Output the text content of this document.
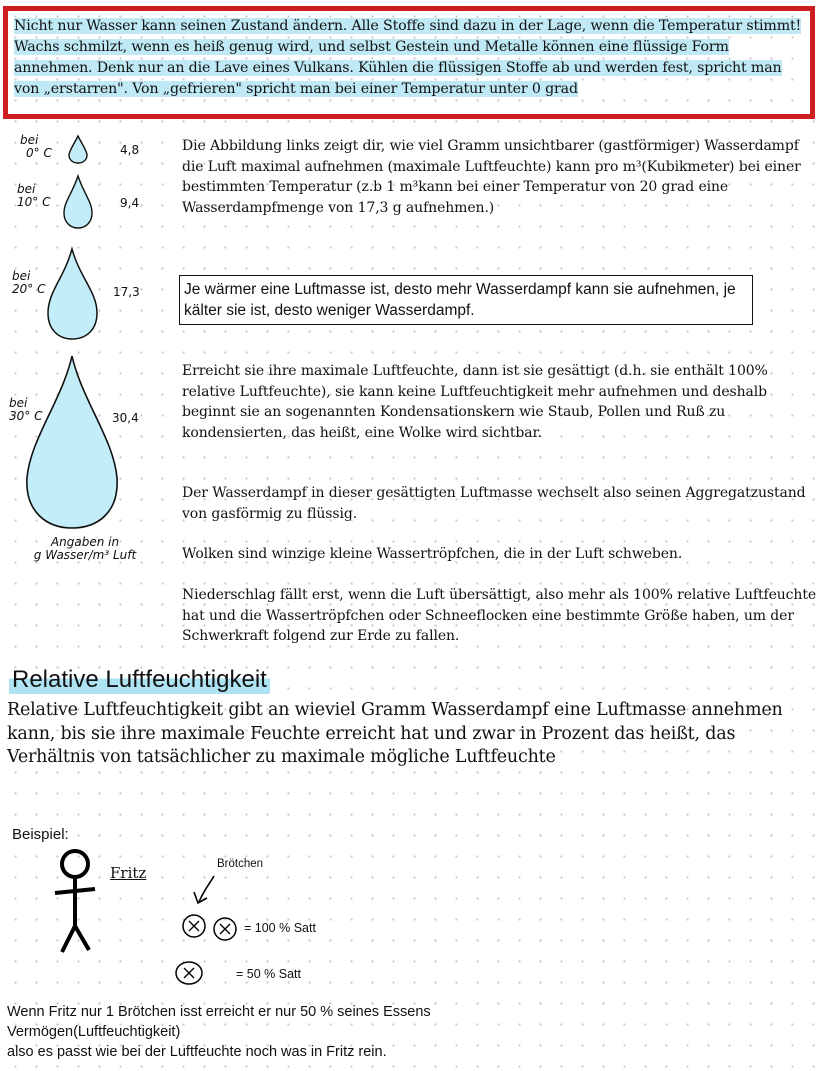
Nicht nur Wasser kann seinen Zustand ändern. Alle Stoffe sind dazu in der Lage, wenn die Temperatur stimmt! Wachs schmilzt, wenn es heiß genug wird, und selbst Gestein und Metalle können eine flüssige Form annehmen. Denk nur an die Lave eines Vulkans. Kühlen die flüssigen Stoffe ab und werden fest, spricht man von „erstarren". Von „gefrieren" spricht man bei einer Temperatur unter 0 grad

bei
0° C	4,8
bei
10° C	9,4
bei
20° C	17,3
bei
30° C	30,4
Angaben in
g Wasser/m³ Luft

Die Abbildung links zeigt dir, wie viel Gramm unsichtbarer (gastförmiger) Wasserdampf die Luft maximal aufnehmen (maximale Luftfeuchte) kann pro m³(Kubikmeter) bei einer bestimmten Temperatur (z.b 1 m³kann bei einer Temperatur von 20 grad eine Wasserdampfmenge von 17,3 g aufnehmen.)

Je wärmer eine Luftmasse ist, desto mehr Wasserdampf kann sie aufnehmen, je kälter sie ist, desto weniger Wasserdampf.

Erreicht sie ihre maximale Luftfeuchte, dann ist sie gesättigt (d.h. sie enthält 100% relative Luftfeuchte), sie kann keine Luftfeuchtigkeit mehr aufnehmen und deshalb beginnt sie an sogenannten Kondensationskern wie Staub, Pollen und Ruß zu kondensierten, das heißt, eine Wolke wird sichtbar.

Der Wasserdampf in dieser gesättigten Luftmasse wechselt also seinen Aggregatzustand von gasförmig zu flüssig.

Wolken sind winzige kleine Wassertröpfchen, die in der Luft schweben.

Niederschlag fällt erst, wenn die Luft übersättigt, also mehr als 100% relative Luftfeuchte hat und die Wassertröpfchen oder Schneeflocken eine bestimmte Größe haben, um der Schwerkraft folgend zur Erde zu fallen.

Relative Luftfeuchtigkeit

Relative Luftfeuchtigkeit gibt an wieviel Gramm Wasserdampf eine Luftmasse annehmen kann, bis sie ihre maximale Feuchte erreicht hat und zwar in Prozent das heißt, das Verhältnis von tatsächlicher zu maximale mögliche Luftfeuchte

Beispiel:
Fritz	Brötchen
= 100 % Satt
= 50 % Satt
Wenn Fritz nur 1 Brötchen isst erreicht er nur 50 % seines Essens Vermögen(Luftfeuchtigkeit)
also es passt wie bei der Luftfeuchte noch was in Fritz rein.
